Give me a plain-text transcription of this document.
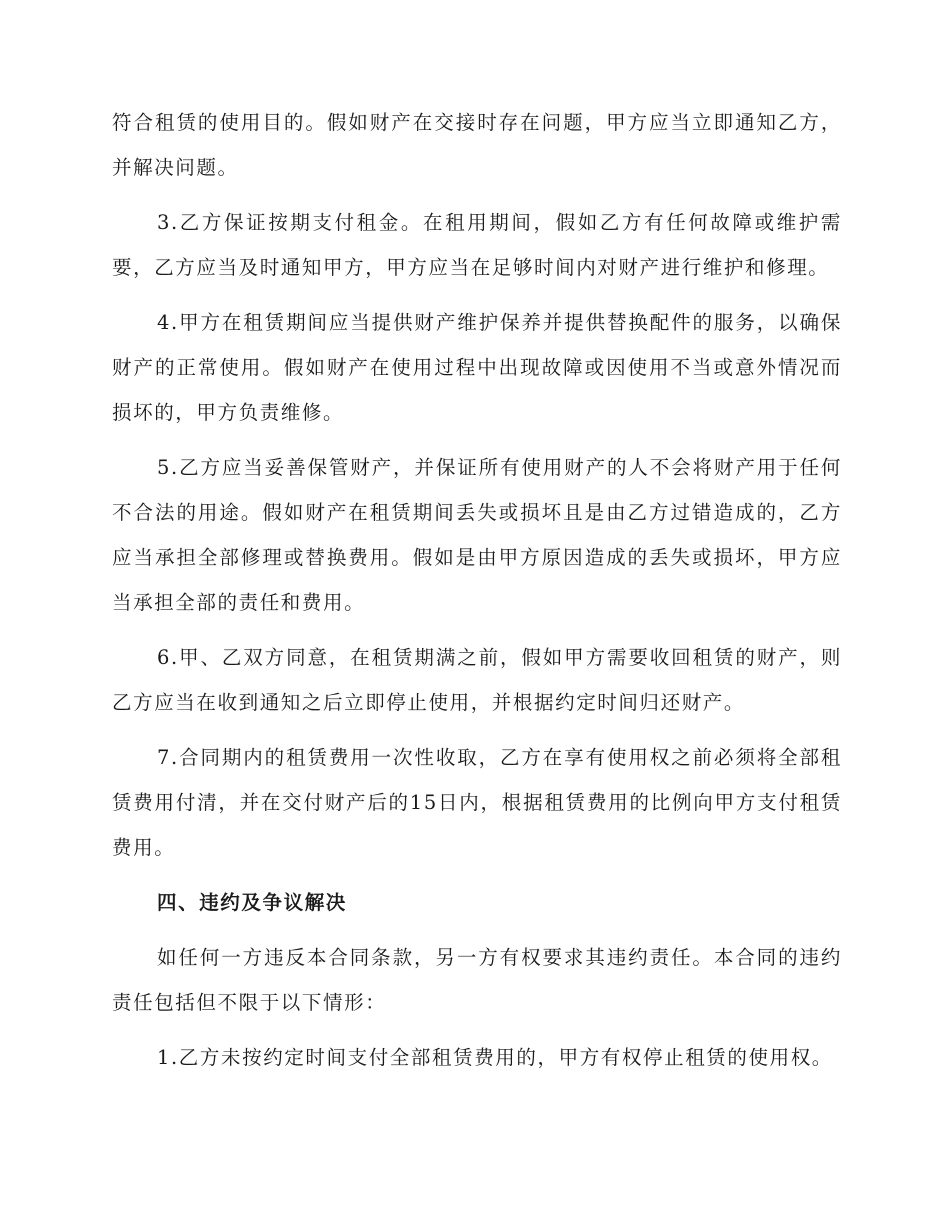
符合租赁的使用目的。假如财产在交接时存在问题，甲方应当立即通知乙方，并解决问题。

3.乙方保证按期支付租金。在租用期间，假如乙方有任何故障或维护需要，乙方应当及时通知甲方，甲方应当在足够时间内对财产进行维护和修理。

4.甲方在租赁期间应当提供财产维护保养并提供替换配件的服务，以确保财产的正常使用。假如财产在使用过程中出现故障或因使用不当或意外情况而损坏的，甲方负责维修。

5.乙方应当妥善保管财产，并保证所有使用财产的人不会将财产用于任何不合法的用途。假如财产在租赁期间丢失或损坏且是由乙方过错造成的，乙方应当承担全部修理或替换费用。假如是由甲方原因造成的丢失或损坏，甲方应当承担全部的责任和费用。

6.甲、乙双方同意，在租赁期满之前，假如甲方需要收回租赁的财产，则乙方应当在收到通知之后立即停止使用，并根据约定时间归还财产。

7.合同期内的租赁费用一次性收取，乙方在享有使用权之前必须将全部租赁费用付清，并在交付财产后的15日内，根据租赁费用的比例向甲方支付租赁费用。

四、违约及争议解决

如任何一方违反本合同条款，另一方有权要求其违约责任。本合同的违约责任包括但不限于以下情形：

1.乙方未按约定时间支付全部租赁费用的，甲方有权停止租赁的使用权。
